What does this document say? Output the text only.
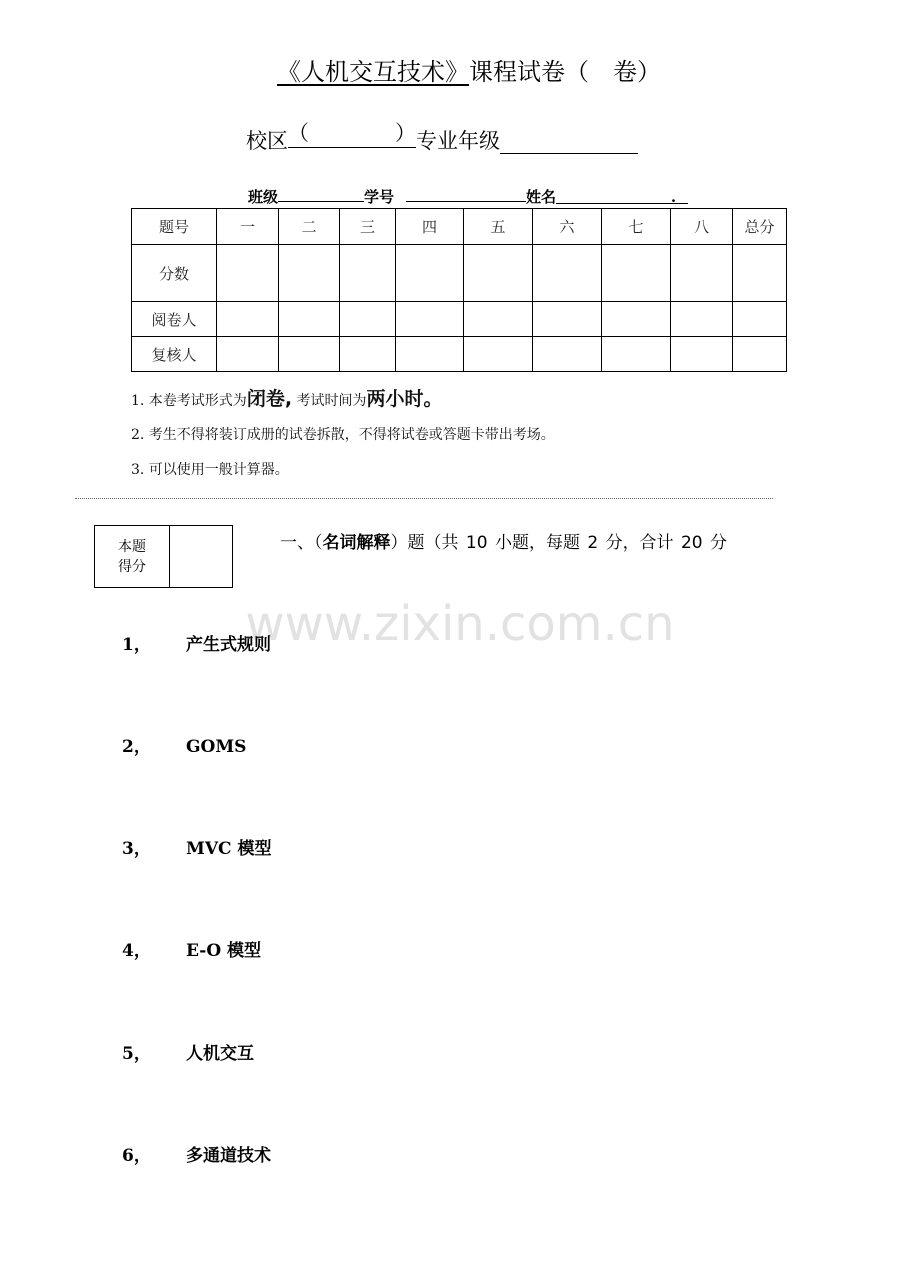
《人机交互技术》课程试卷（　卷）
校区 （	） 专业年级
班级	学号	姓名	.
题号	一	二	三	四	五	六	七	八	总分
分数									
阅卷人									
复核人									
1. 本卷考试形式为闭卷, 考试时间为两小时。
2. 考生不得将装订成册的试卷拆散，不得将试卷或答题卡带出考场。
3. 可以使用一般计算器。
本题
得分
一、（名词解释）题（共 10 小题，每题 2 分，合计 20 分
www.zixin.com.cn
1， 产生式规则
2， GOMS
3， MVC 模型
4， E-O 模型
5， 人机交互
6， 多通道技术
